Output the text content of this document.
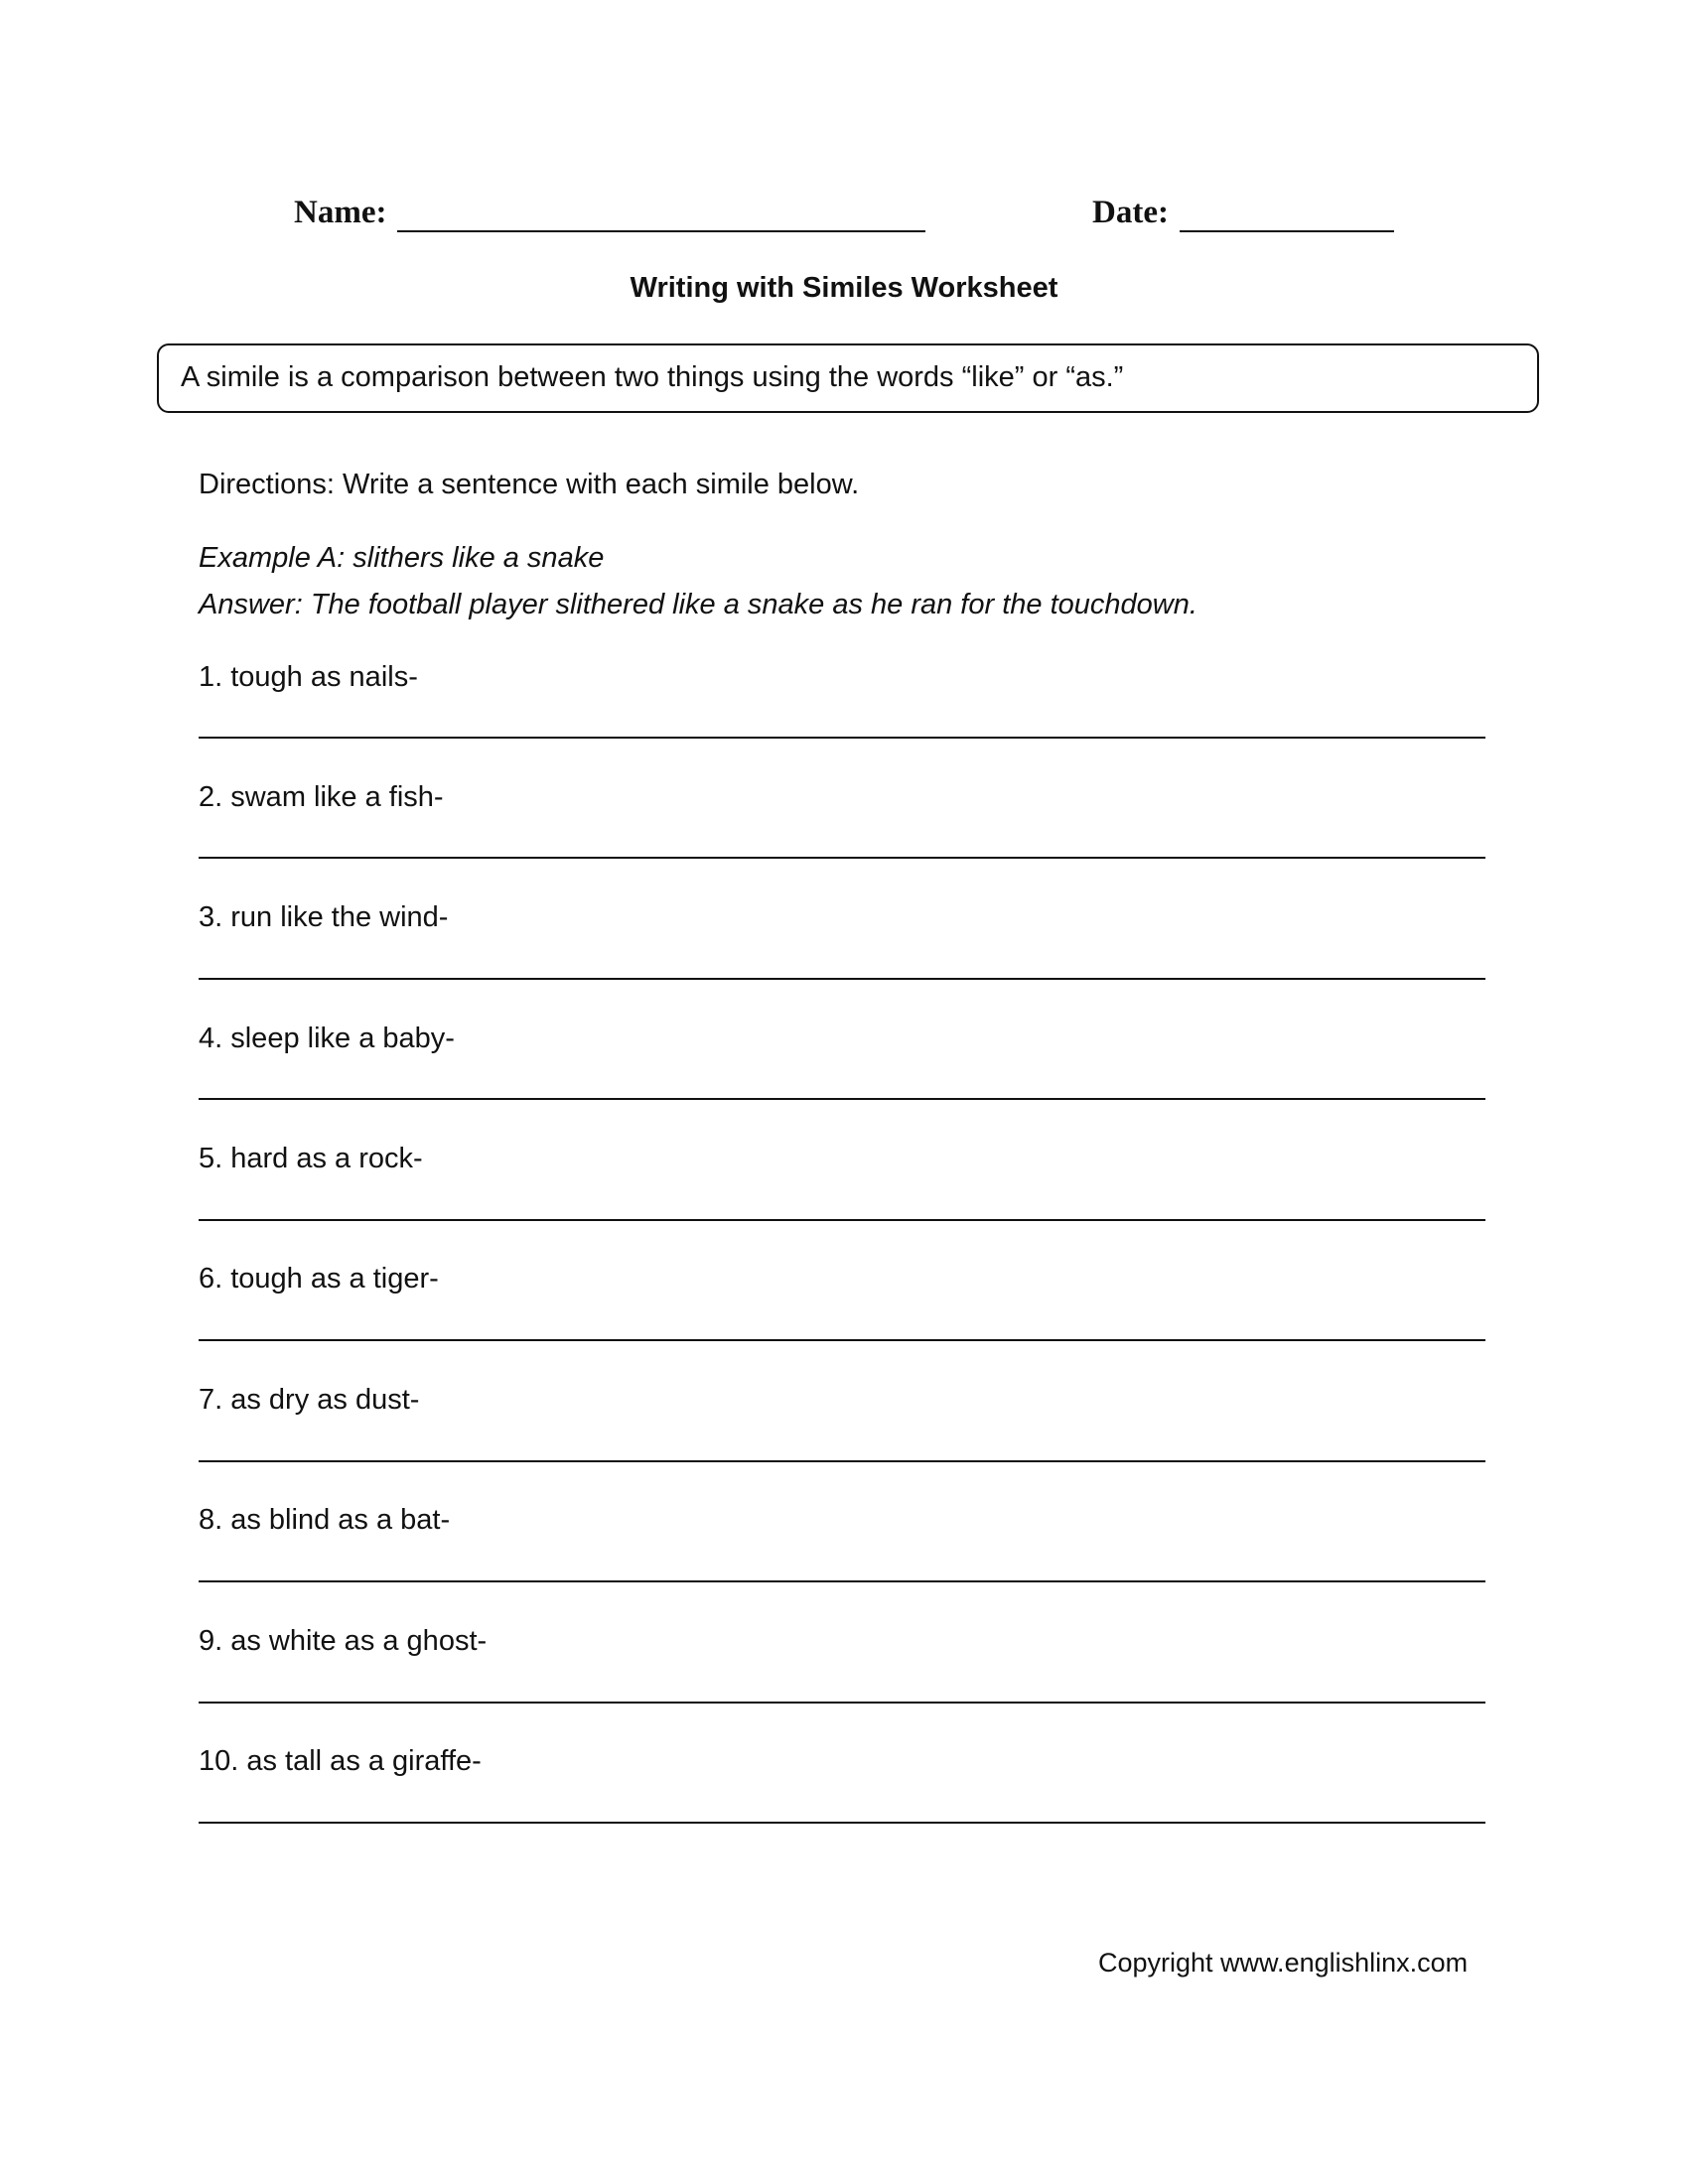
Name:	Date:
Writing with Similes Worksheet
A simile is a comparison between two things using the words “like” or “as.”
Directions: Write a sentence with each simile below.
Example A: slithers like a snake
Answer: The football player slithered like a snake as he ran for the touchdown.
1. tough as nails-
2. swam like a fish-
3. run like the wind-
4. sleep like a baby-
5. hard as a rock-
6. tough as a tiger-
7. as dry as dust-
8. as blind as a bat-
9. as white as a ghost-
10. as tall as a giraffe-
Copyright www.englishlinx.com
